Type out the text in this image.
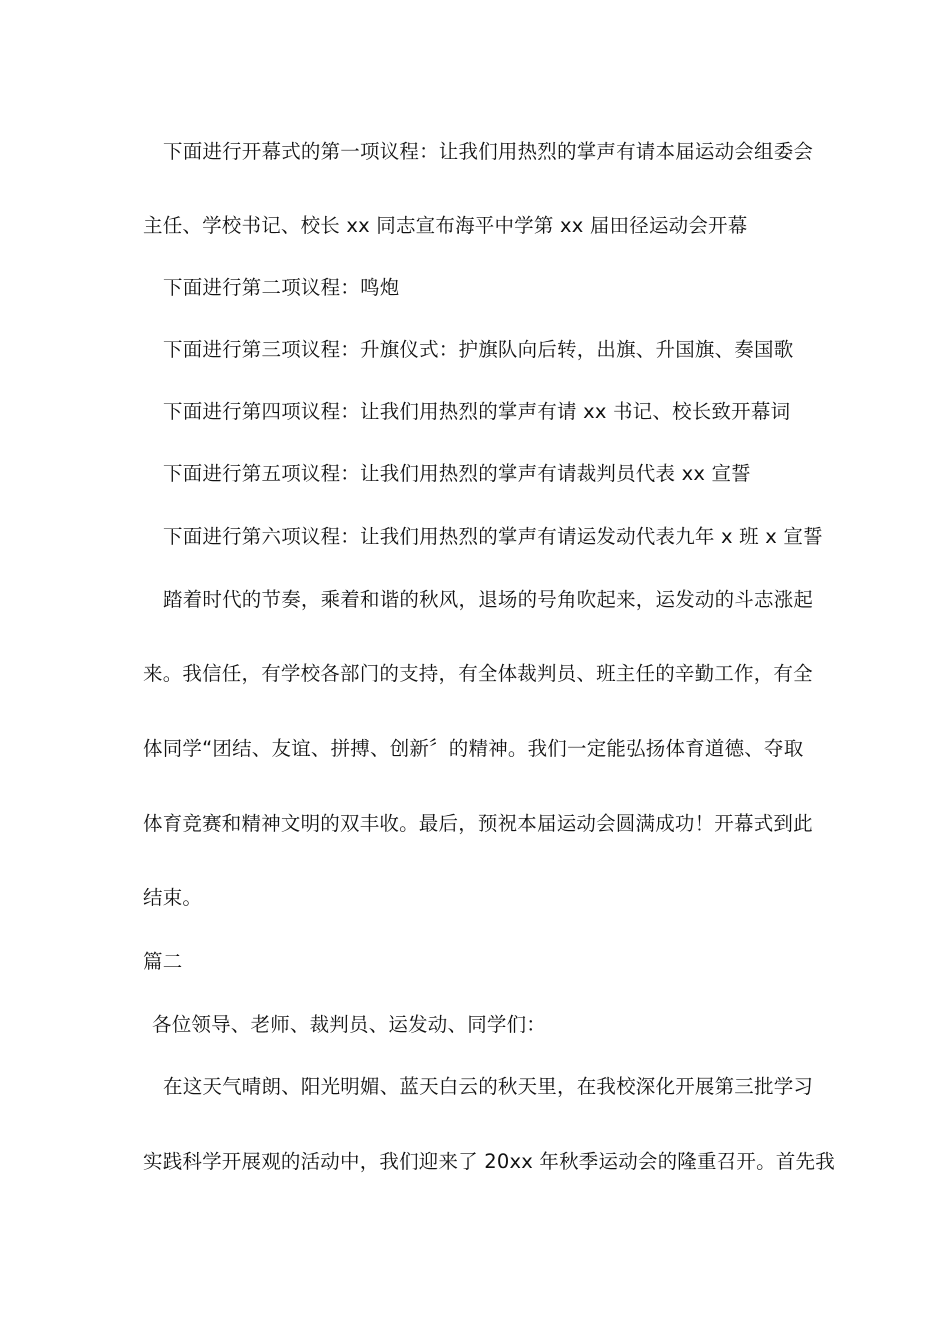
下面进行开幕式的第一项议程：让我们用热烈的掌声有请本届运动会组委会
主任、学校书记、校长 xx 同志宣布海平中学第 xx 届田径运动会开幕
下面进行第二项议程：鸣炮
下面进行第三项议程：升旗仪式：护旗队向后转，出旗、升国旗、奏国歌
下面进行第四项议程：让我们用热烈的掌声有请 xx 书记、校长致开幕词
下面进行第五项议程：让我们用热烈的掌声有请裁判员代表 xx 宣誓
下面进行第六项议程：让我们用热烈的掌声有请运发动代表九年 x 班 x 宣誓
踏着时代的节奏，乘着和谐的秋风，退场的号角吹起来，运发动的斗志涨起
来。我信任，有学校各部门的支持，有全体裁判员、班主任的辛勤工作，有全
体同学“团结、友谊、拼搏、创新〞的精神。我们一定能弘扬体育道德、夺取
体育竞赛和精神文明的双丰收。最后，预祝本届运动会圆满成功！开幕式到此
结束。
篇二
各位领导、老师、裁判员、运发动、同学们：
在这天气晴朗、阳光明媚、蓝天白云的秋天里，在我校深化开展第三批学习
实践科学开展观的活动中，我们迎来了 20xx 年秋季运动会的隆重召开。首先我
